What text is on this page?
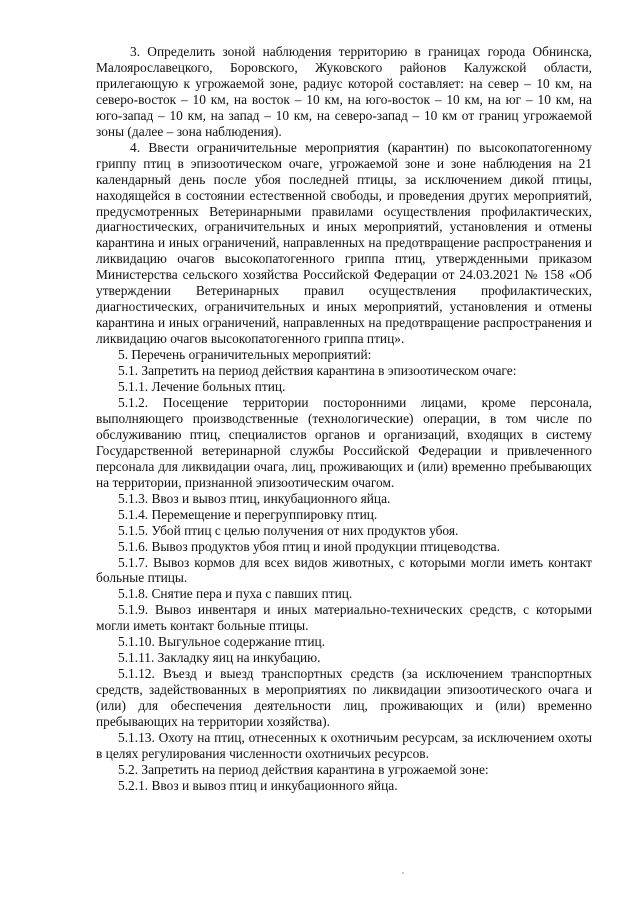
3. Определить зоной наблюдения территорию в границах города Обнинска, Малоярославецкого, Боровского, Жуковского районов Калужской области, прилегающую к угрожаемой зоне, радиус которой составляет: на север – 10 км, на северо-восток – 10 км, на восток – 10 км, на юго-восток – 10 км, на юг – 10 км, на юго-запад – 10 км, на запад – 10 км, на северо-запад – 10 км от границ угрожаемой зоны (далее – зона наблюдения).

4. Ввести ограничительные мероприятия (карантин) по высокопатогенному гриппу птиц в эпизоотическом очаге, угрожаемой зоне и зоне наблюдения на 21 календарный день после убоя последней птицы, за исключением дикой птицы, находящейся в состоянии естественной свободы, и проведения других мероприятий, предусмотренных Ветеринарными правилами осуществления профилактических, диагностических, ограничительных и иных мероприятий, установления и отмены карантина и иных ограничений, направленных на предотвращение распространения и ликвидацию очагов высокопатогенного гриппа птиц, утвержденными приказом Министерства сельского хозяйства Российской Федерации от 24.03.2021 № 158 «Об утверждении Ветеринарных правил осуществления профилактических, диагностических, ограничительных и иных мероприятий, установления и отмены карантина и иных ограничений, направленных на предотвращение распространения и ликвидацию очагов высокопатогенного гриппа птиц».

5. Перечень ограничительных мероприятий:

5.1. Запретить на период действия карантина в эпизоотическом очаге:

5.1.1. Лечение больных птиц.

5.1.2. Посещение территории посторонними лицами, кроме персонала, выполняющего производственные (технологические) операции, в том числе по обслуживанию птиц, специалистов органов и организаций, входящих в систему Государственной ветеринарной службы Российской Федерации и привлеченного персонала для ликвидации очага, лиц, проживающих и (или) временно пребывающих на территории, признанной эпизоотическим очагом.

5.1.3. Ввоз и вывоз птиц, инкубационного яйца.

5.1.4. Перемещение и перегруппировку птиц.

5.1.5. Убой птиц с целью получения от них продуктов убоя.

5.1.6. Вывоз продуктов убоя птиц и иной продукции птицеводства.

5.1.7. Вывоз кормов для всех видов животных, с которыми могли иметь контакт больные птицы.

5.1.8. Снятие пера и пуха с павших птиц.

5.1.9. Вывоз инвентаря и иных материально-технических средств, с которыми могли иметь контакт больные птицы.

5.1.10. Выгульное содержание птиц.

5.1.11. Закладку яиц на инкубацию.

5.1.12. Въезд и выезд транспортных средств (за исключением транспортных средств, задействованных в мероприятиях по ликвидации эпизоотического очага и (или) для обеспечения деятельности лиц, проживающих и (или) временно пребывающих на территории хозяйства).

5.1.13. Охоту на птиц, отнесенных к охотничьим ресурсам, за исключением охоты в целях регулирования численности охотничьих ресурсов.

5.2. Запретить на период действия карантина в угрожаемой зоне:

5.2.1. Ввоз и вывоз птиц и инкубационного яйца.
